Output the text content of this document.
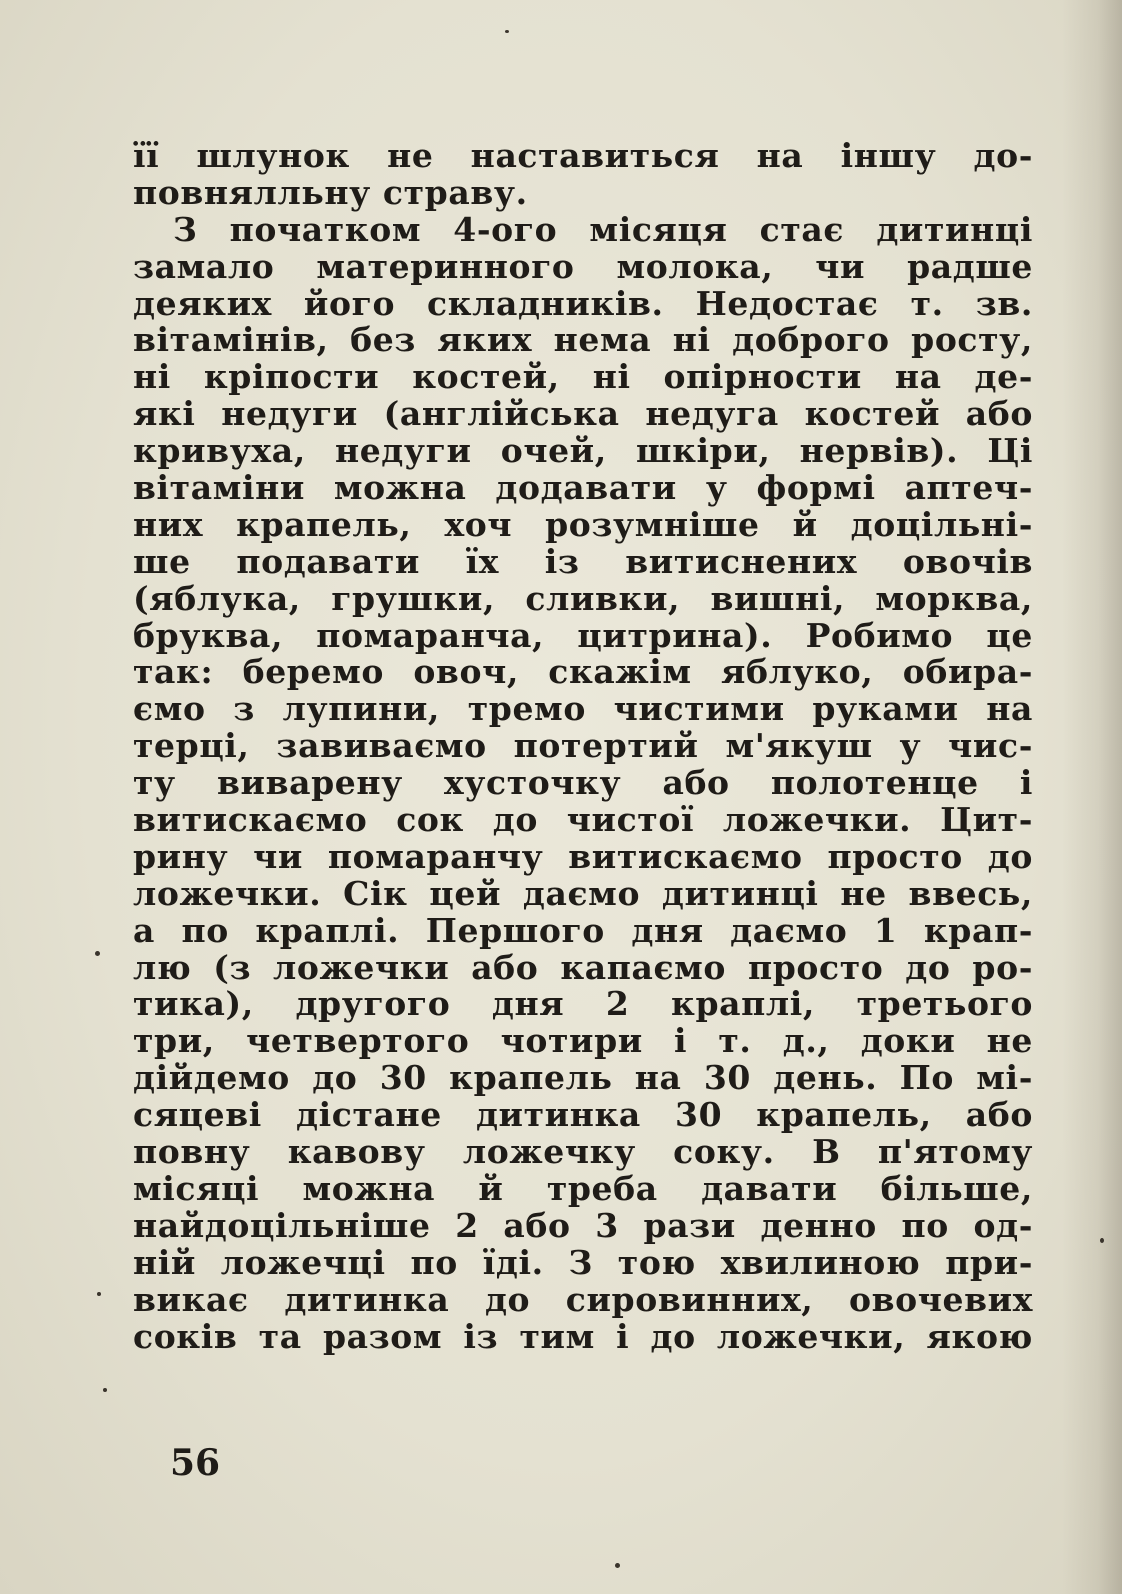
її шлунок не наставиться на іншу до-
повнялльну страву.
З початком 4-ого місяця стає дитинці
замало материнного молока, чи радше
деяких його складників. Недостає т. зв.
вітамінів, без яких нема ні доброго росту,
ні кріпости костей, ні опірности на де-
які недуги (англійська недуга костей або
кривуха, недуги очей, шкіри, нервів). Ці
вітаміни можна додавати у формі аптеч-
них крапель, хоч розумніше й доцільні-
ше подавати їх із витиснених овочів
(яблука, грушки, сливки, вишні, морква,
бруква, помаранча, цитрина). Робимо це
так: беремо овоч, скажім яблуко, обира-
ємо з лупини, тремо чистими руками на
терці, завиваємо потертий м'якуш у чис-
ту виварену хусточку або полотенце і
витискаємо сок до чистої ложечки. Цит-
рину чи помаранчу витискаємо просто до
ложечки. Сік цей даємо дитинці не ввесь,
а по краплі. Першого дня даємо 1 крап-
лю (з ложечки або капаємо просто до ро-
тика), другого дня 2 краплі, третього
три, четвертого чотири і т. д., доки не
дійдемо до 30 крапель на 30 день. По мі-
сяцеві дістане дитинка 30 крапель, або
повну кавову ложечку соку. В п'ятому
місяці можна й треба давати більше,
найдоцільніше 2 або 3 рази денно по од-
ній ложечці по їді. З тою хвилиною при-
викає дитинка до сировинних, овочевих
соків та разом із тим і до ложечки, якою
56
